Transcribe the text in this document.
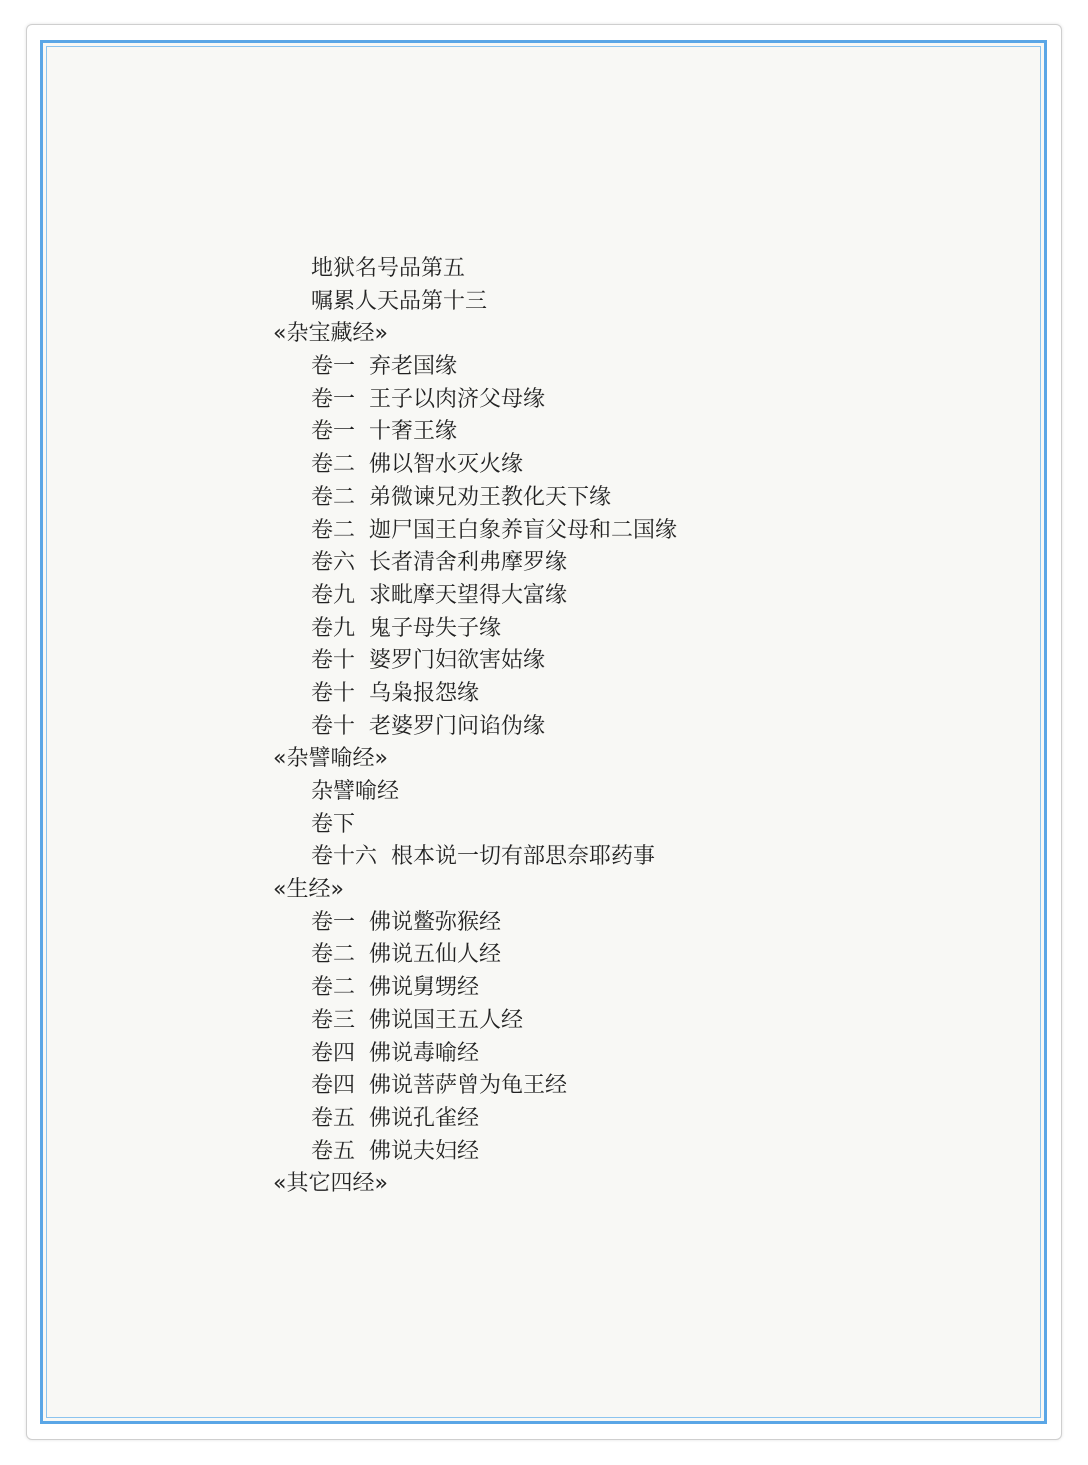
地狱名号品第五
嘱累人天品第十三
«杂宝藏经»
卷一  弃老国缘
卷一  王子以肉济父母缘
卷一  十奢王缘
卷二  佛以智水灭火缘
卷二  弟微谏兄劝王教化天下缘
卷二  迦尸国王白象养盲父母和二国缘
卷六  长者清舍利弗摩罗缘
卷九  求毗摩天望得大富缘
卷九  鬼子母失子缘
卷十  婆罗门妇欲害姑缘
卷十  乌枭报怨缘
卷十  老婆罗门问谄伪缘
«杂譬喻经»
杂譬喻经
卷下
卷十六  根本说一切有部思奈耶药事
«生经»
卷一  佛说鳖弥猴经
卷二  佛说五仙人经
卷二  佛说舅甥经
卷三  佛说国王五人经
卷四  佛说毒喻经
卷四  佛说菩萨曾为龟王经
卷五  佛说孔雀经
卷五  佛说夫妇经
«其它四经»
